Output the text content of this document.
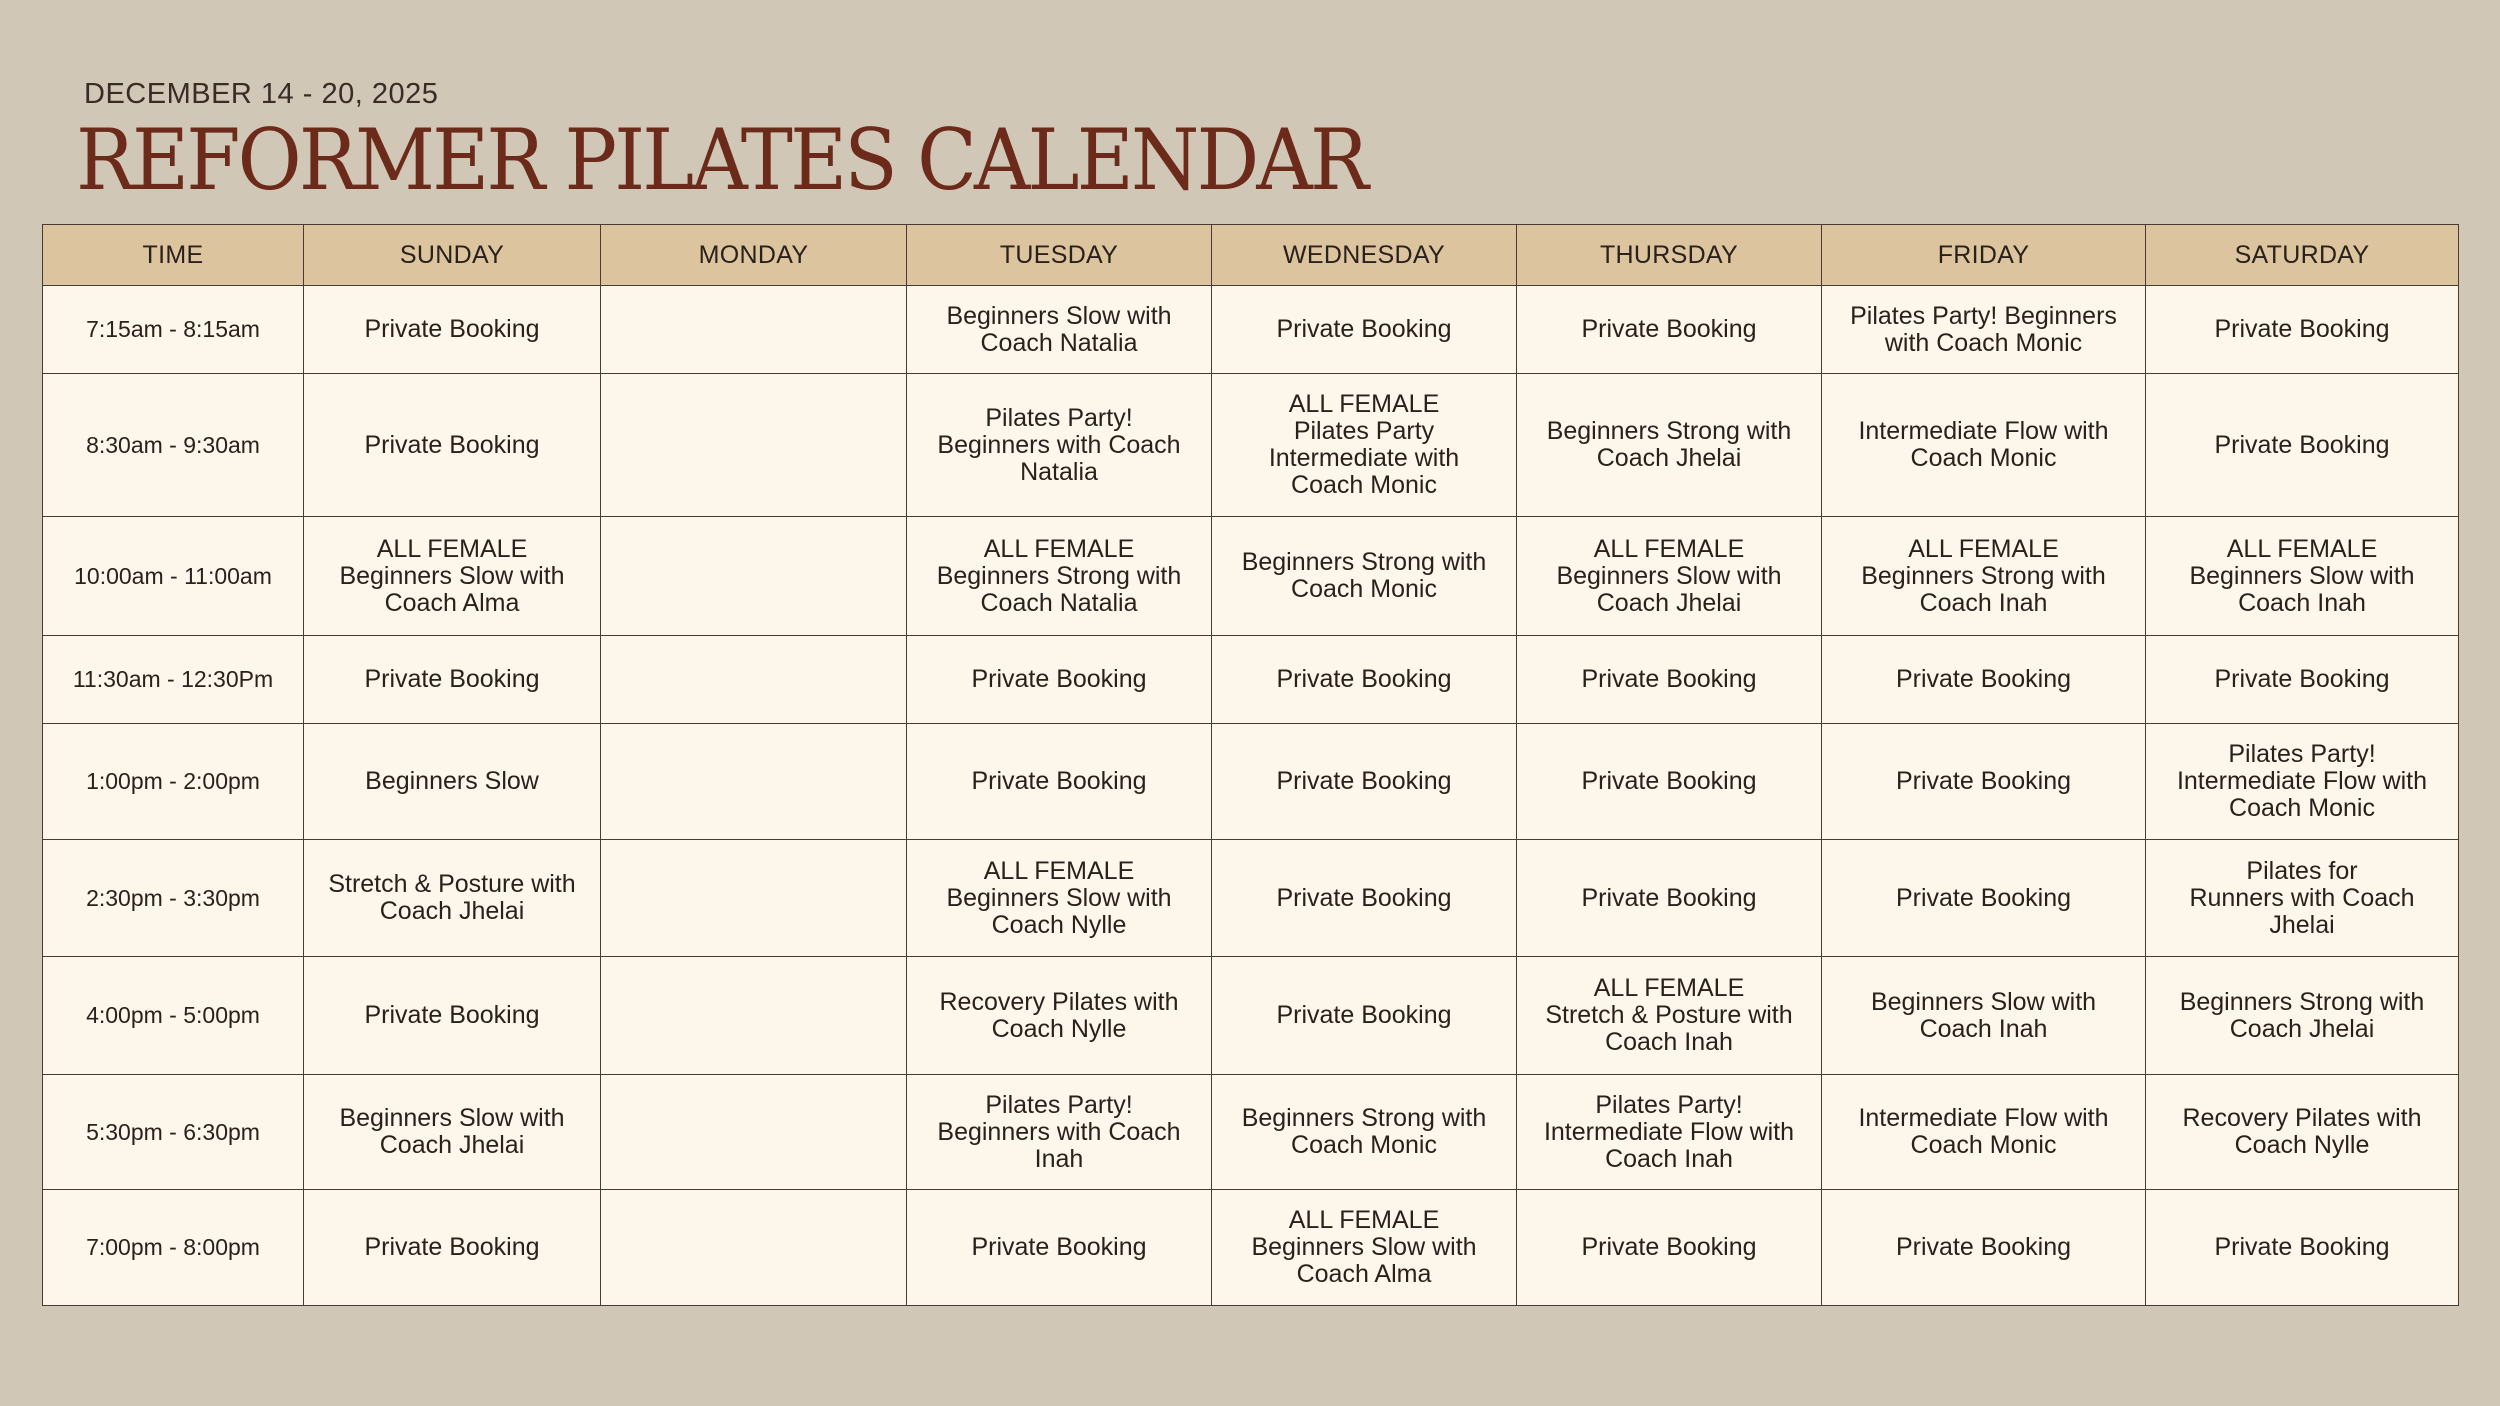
DECEMBER 14 - 20, 2025

REFORMER PILATES CALENDAR
TIME	SUNDAY	MONDAY	TUESDAY	WEDNESDAY	THURSDAY	FRIDAY	SATURDAY
7:15am - 8:15am	Private Booking		Beginners Slow with
Coach Natalia	Private Booking	Private Booking	Pilates Party! Beginners
with Coach Monic	Private Booking

8:30am - 9:30am	Private Booking		Pilates Party!
Beginners with Coach
Natalia	ALL FEMALE
Pilates Party
Intermediate with
Coach Monic	Beginners Strong with
Coach Jhelai	Intermediate Flow with
Coach Monic	Private Booking

10:00am - 11:00am	ALL FEMALE
Beginners Slow with
Coach Alma		ALL FEMALE
Beginners Strong with
Coach Natalia	Beginners Strong with
Coach Monic	ALL FEMALE
Beginners Slow with
Coach Jhelai	ALL FEMALE
Beginners Strong with
Coach Inah	ALL FEMALE
Beginners Slow with
Coach Inah

11:30am - 12:30Pm	Private Booking		Private Booking	Private Booking	Private Booking	Private Booking	Private Booking

1:00pm - 2:00pm	Beginners Slow		Private Booking	Private Booking	Private Booking	Private Booking	Pilates Party!
Intermediate Flow with
Coach Monic

2:30pm - 3:30pm	Stretch & Posture with
Coach Jhelai		ALL FEMALE
Beginners Slow with
Coach Nylle	Private Booking	Private Booking	Private Booking	Pilates for
Runners with Coach
Jhelai

4:00pm - 5:00pm	Private Booking		Recovery Pilates with
Coach Nylle	Private Booking	ALL FEMALE
Stretch & Posture with
Coach Inah	Beginners Slow with
Coach Inah	Beginners Strong with
Coach Jhelai

5:30pm - 6:30pm	Beginners Slow with
Coach Jhelai		Pilates Party!
Beginners with Coach
Inah	Beginners Strong with
Coach Monic	Pilates Party!
Intermediate Flow with
Coach Inah	Intermediate Flow with
Coach Monic	Recovery Pilates with
Coach Nylle

7:00pm - 8:00pm	Private Booking		Private Booking	ALL FEMALE
Beginners Slow with
Coach Alma	Private Booking	Private Booking	Private Booking
